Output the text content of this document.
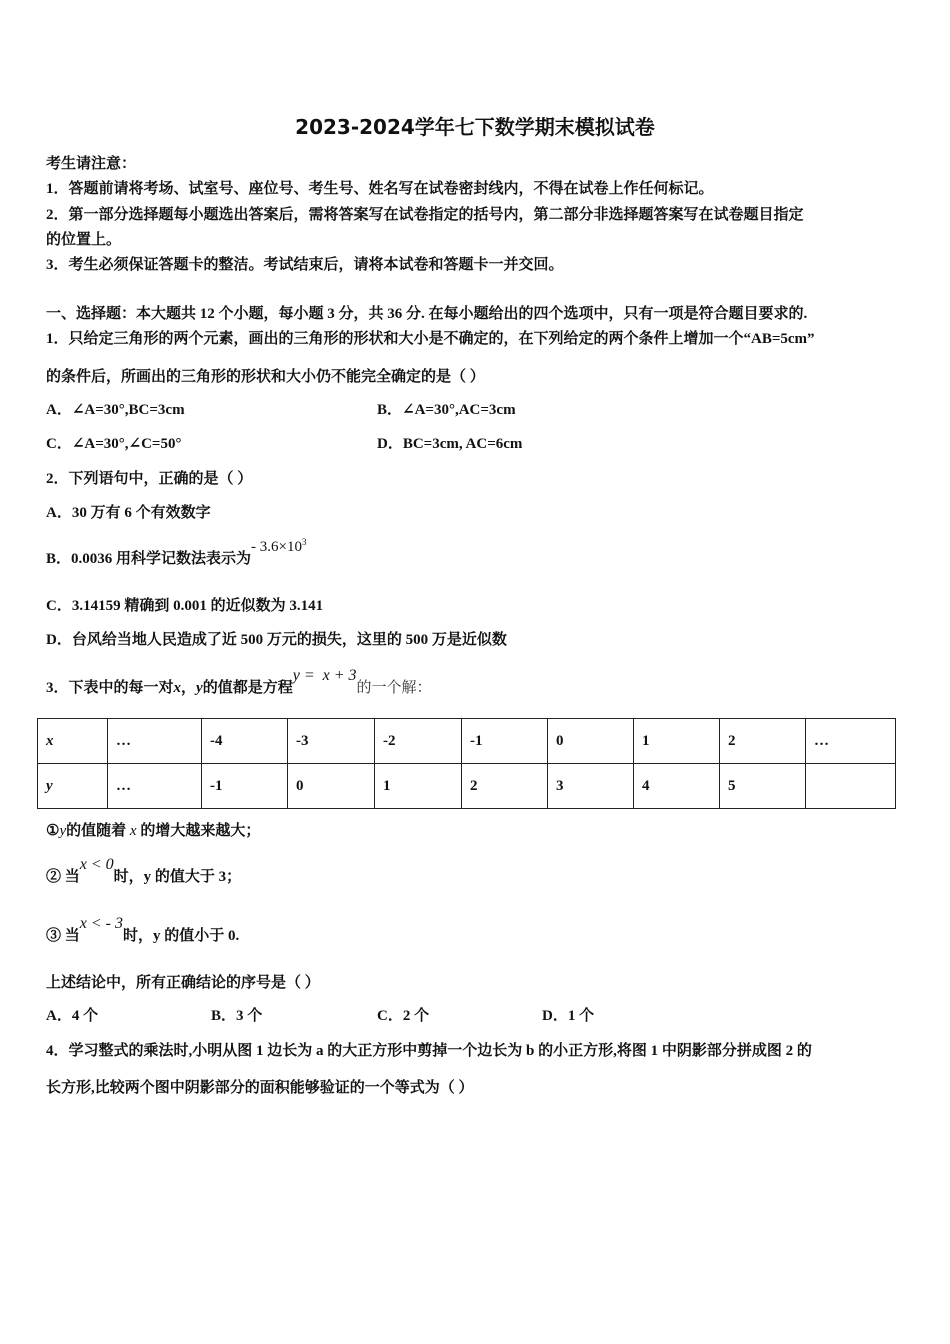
2023-2024学年七下数学期末模拟试卷
考生请注意：
1．答题前请将考场、试室号、座位号、考生号、姓名写在试卷密封线内，不得在试卷上作任何标记。
2．第一部分选择题每小题选出答案后，需将答案写在试卷指定的括号内，第二部分非选择题答案写在试卷题目指定
的位置上。
3．考生必须保证答题卡的整洁。考试结束后，请将本试卷和答题卡一并交回。
一、选择题：本大题共 12 个小题，每小题 3 分，共 36 分. 在每小题给出的四个选项中，只有一项是符合题目要求的.
1．只给定三角形的两个元素，画出的三角形的形状和大小是不确定的，在下列给定的两个条件上增加一个“AB=5cm”
的条件后，所画出的三角形的形状和大小仍不能完全确定的是（ ）
A．∠A=30°,BC=3cm	B．∠A=30°,AC=3cm
C．∠A=30°,∠C=50°	D．BC=3cm, AC=6cm
2．下列语句中，正确的是（ ）
A．30 万有 6 个有效数字
B．0.0036 用科学记数法表示为- $3.6\times 10^3$
C．3.14159 精确到 0.001 的近似数为 3.141
D．台风给当地人民造成了近 500 万元的损失，这里的 500 万是近似数
3．下表中的每一对x，y的值都是方程y =  x + 3的一个解：
x	…	-4	-3	-2	-1	0	1	2	…
y	…	-1	0	1	2	3	4	5	
①y的值随着 x 的增大越来越大；
② 当x < 0时，y 的值大于 3；
③ 当x < - 3时，y 的值小于 0.
上述结论中，所有正确结论的序号是（ ）
A．4 个	B．3 个	C．2 个	D．1 个
4．学习整式的乘法时,小明从图 1 边长为 a 的大正方形中剪掉一个边长为 b 的小正方形,将图 1 中阴影部分拼成图 2 的
长方形,比较两个图中阴影部分的面积能够验证的一个等式为（ ）
